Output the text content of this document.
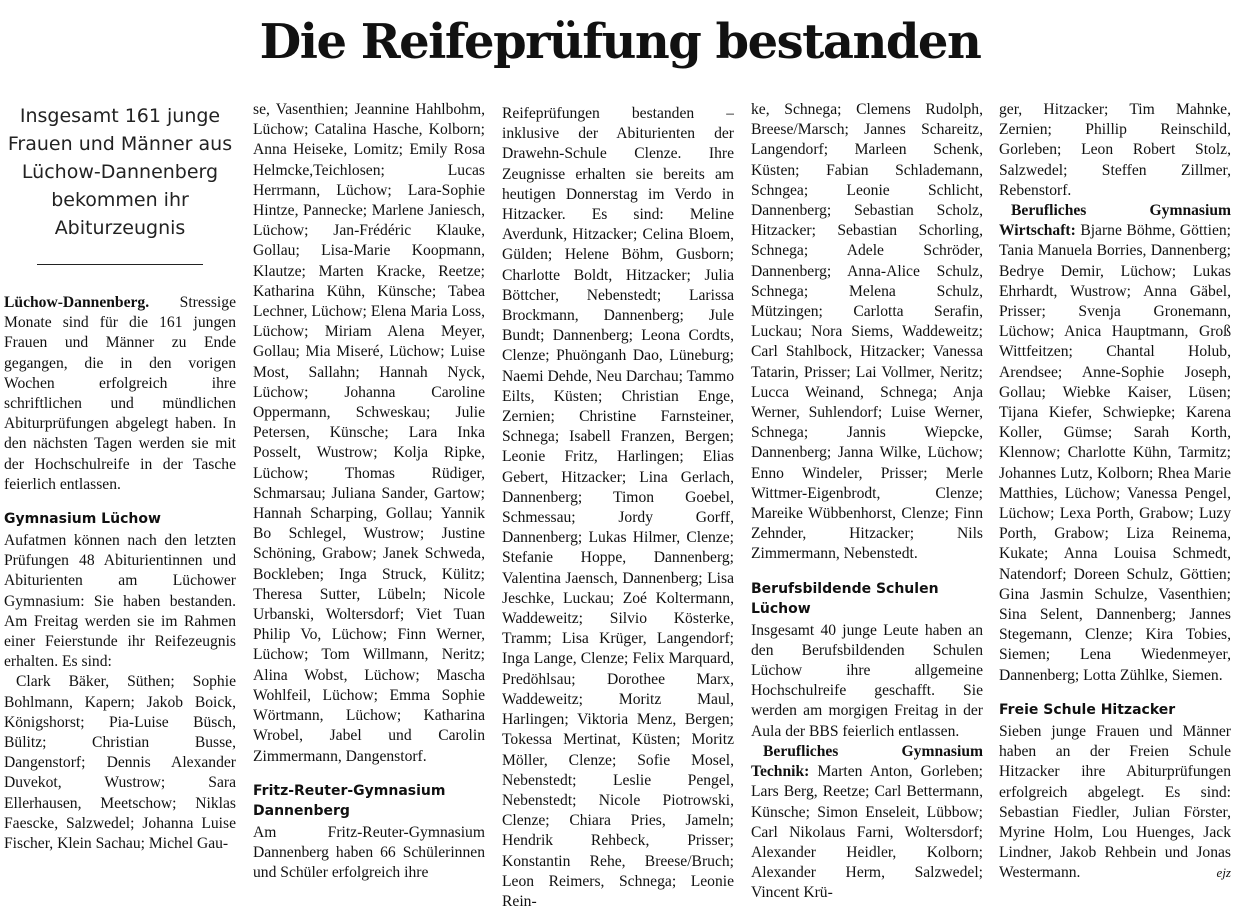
Die Reifeprüfung bestanden
Insgesamt 161 junge Frauen und Männer aus Lüchow-Dannenberg bekommen ihr Abiturzeugnis

Lüchow-Dannenberg. Stressige Monate sind für die 161 jungen Frauen und Männer zu Ende gegangen, die in den vorigen Wochen erfolgreich ihre schriftlichen und mündlichen Abiturprüfungen abgelegt haben. In den nächsten Tagen werden sie mit der Hochschulreife in der Tasche feierlich entlassen.

Gymnasium Lüchow

Aufatmen können nach den letzten Prüfungen 48 Abiturientinnen und Abiturienten am Lüchower Gymnasium: Sie haben bestanden. Am Freitag werden sie im Rahmen einer Feierstunde ihr Reifezeugnis erhalten. Es sind:

Clark Bäker, Süthen; Sophie Bohlmann, Kapern; Jakob Boick, Königshorst; Pia-Luise Büsch, Bülitz; Christian Busse, Dangenstorf; Dennis Alexander Duvekot, Wustrow; Sara Ellerhausen, Meetschow; Niklas Faescke, Salzwedel; Johanna Luise Fischer, Klein Sachau; Michel Gau-

se, Vasenthien; Jeannine Hahlbohm, Lüchow; Catalina Hasche, Kolborn; Anna Heiseke, Lomitz; Emily Rosa Helmcke,Teichlosen; Lucas Herrmann, Lüchow; Lara-Sophie Hintze, Pannecke; Marlene Janiesch, Lüchow; Jan-Frédéric Klauke, Gollau; Lisa-Marie Koopmann, Klautze; Marten Kracke, Reetze; Katharina Kühn, Künsche; Tabea Lechner, Lüchow; Elena Maria Loss, Lüchow; Miriam Alena Meyer, Gollau; Mia Miseré, Lüchow; Luise Most, Sallahn; Hannah Nyck, Lüchow; Johanna Caroline Oppermann, Schweskau; Julie Petersen, Künsche; Lara Inka Posselt, Wustrow; Kolja Ripke, Lüchow; Thomas Rüdiger, Schmarsau; Juliana Sander, Gartow; Hannah Scharping, Gollau; Yannik Bo Schlegel, Wustrow; Justine Schöning, Grabow; Janek Schweda, Bockleben; Inga Struck, Külitz; Theresa Sutter, Lübeln; Nicole Urbanski, Woltersdorf; Viet Tuan Philip Vo, Lüchow; Finn Werner, Lüchow; Tom Willmann, Neritz; Alina Wobst, Lüchow; Mascha Wohlfeil, Lüchow; Emma Sophie Wörtmann, Lüchow; Katharina Wrobel, Jabel und Carolin Zimmermann, Dangenstorf.

Fritz-Reuter-Gymnasium Dannenberg

Am Fritz-Reuter-Gymnasium Dannenberg haben 66 Schülerinnen und Schüler erfolgreich ihre

Reifeprüfungen bestanden – inklusive der Abiturienten der Drawehn-Schule Clenze. Ihre Zeugnisse erhalten sie bereits am heutigen Donnerstag im Verdo in Hitzacker. Es sind: Meline Averdunk, Hitzacker; Celina Bloem, Gülden; Helene Böhm, Gusborn; Charlotte Boldt, Hitzacker; Julia Böttcher, Nebenstedt; Larissa Brockmann, Dannenberg; Jule Bundt; Dannenberg; Leona Cordts, Clenze; Phuönganh Dao, Lüneburg; Naemi Dehde, Neu Darchau; Tammo Eilts, Küsten; Christian Enge, Zernien; Christine Farnsteiner, Schnega; Isabell Franzen, Bergen; Leonie Fritz, Harlingen; Elias Gebert, Hitzacker; Lina Gerlach, Dannenberg; Timon Goebel, Schmessau; Jordy Gorff, Dannenberg; Lukas Hilmer, Clenze; Stefanie Hoppe, Dannenberg; Valentina Jaensch, Dannenberg; Lisa Jeschke, Luckau; Zoé Koltermann, Waddeweitz; Silvio Kösterke, Tramm; Lisa Krüger, Langendorf; Inga Lange, Clenze; Felix Marquard, Predöhlsau; Dorothee Marx, Waddeweitz; Moritz Maul, Harlingen; Viktoria Menz, Bergen; Tokessa Mertinat, Küsten; Moritz Möller, Clenze; Sofie Mosel, Nebenstedt; Leslie Pengel, Nebenstedt; Nicole Piotrowski, Clenze; Chiara Pries, Jameln; Hendrik Rehbeck, Prisser; Konstantin Rehe, Breese/Bruch; Leon Reimers, Schnega; Leonie Rein-

ke, Schnega; Clemens Rudolph, Breese/Marsch; Jannes Schareitz, Langendorf; Marleen Schenk, Küsten; Fabian Schlademann, Schngea; Leonie Schlicht, Dannenberg; Sebastian Scholz, Hitzacker; Sebastian Schorling, Schnega; Adele Schröder, Dannenberg; Anna-Alice Schulz, Schnega; Melena Schulz, Mützingen; Carlotta Serafin, Luckau; Nora Siems, Waddeweitz; Carl Stahlbock, Hitzacker; Vanessa Tatarin, Prisser; Lai Vollmer, Neritz; Lucca Weinand, Schnega; Anja Werner, Suhlendorf; Luise Werner, Schnega; Jannis Wiepcke, Dannenberg; Janna Wilke, Lüchow; Enno Windeler, Prisser; Merle Wittmer-Eigenbrodt, Clenze; Mareike Wübbenhorst, Clenze; Finn Zehnder, Hitzacker; Nils Zimmermann, Nebenstedt.

Berufsbildende Schulen Lüchow

Insgesamt 40 junge Leute haben an den Berufsbildenden Schulen Lüchow ihre allgemeine Hochschulreife geschafft. Sie werden am morgigen Freitag in der Aula der BBS feierlich entlassen.

Berufliches Gymnasium Technik: Marten Anton, Gorleben; Lars Berg, Reetze; Carl Bettermann, Künsche; Simon Enseleit, Lübbow; Carl Nikolaus Farni, Woltersdorf; Alexander Heidler, Kolborn; Alexander Herm, Salzwedel; Vincent Krü-

ger, Hitzacker; Tim Mahnke, Zernien; Phillip Reinschild, Gorleben; Leon Robert Stolz, Salzwedel; Steffen Zillmer, Rebenstorf.

Berufliches Gymnasium Wirtschaft: Bjarne Böhme, Göttien; Tania Manuela Borries, Dannenberg; Bedrye Demir, Lüchow; Lukas Ehrhardt, Wustrow; Anna Gäbel, Prisser; Svenja Gronemann, Lüchow; Anica Hauptmann, Groß Wittfeitzen; Chantal Holub, Arendsee; Anne-Sophie Joseph, Gollau; Wiebke Kaiser, Lüsen; Tijana Kiefer, Schwiepke; Karena Koller, Gümse; Sarah Korth, Klennow; Charlotte Kühn, Tarmitz; Johannes Lutz, Kolborn; Rhea Marie Matthies, Lüchow; Vanessa Pengel, Lüchow; Lexa Porth, Grabow; Luzy Porth, Grabow; Liza Reinema, Kukate; Anna Louisa Schmedt, Natendorf; Doreen Schulz, Göttien; Gina Jasmin Schulze, Vasenthien; Sina Selent, Dannenberg; Jannes Stegemann, Clenze; Kira Tobies, Siemen; Lena Wiedenmeyer, Dannenberg; Lotta Zühlke, Siemen.

Freie Schule Hitzacker

Sieben junge Frauen und Männer haben an der Freien Schule Hitzacker ihre Abiturprüfungen erfolgreich abgelegt. Es sind: Sebastian Fiedler, Julian Förster, Myrine Holm, Lou Huenges, Jack Lindner, Jakob Rehbein und Jonas Westermann.	ejz
